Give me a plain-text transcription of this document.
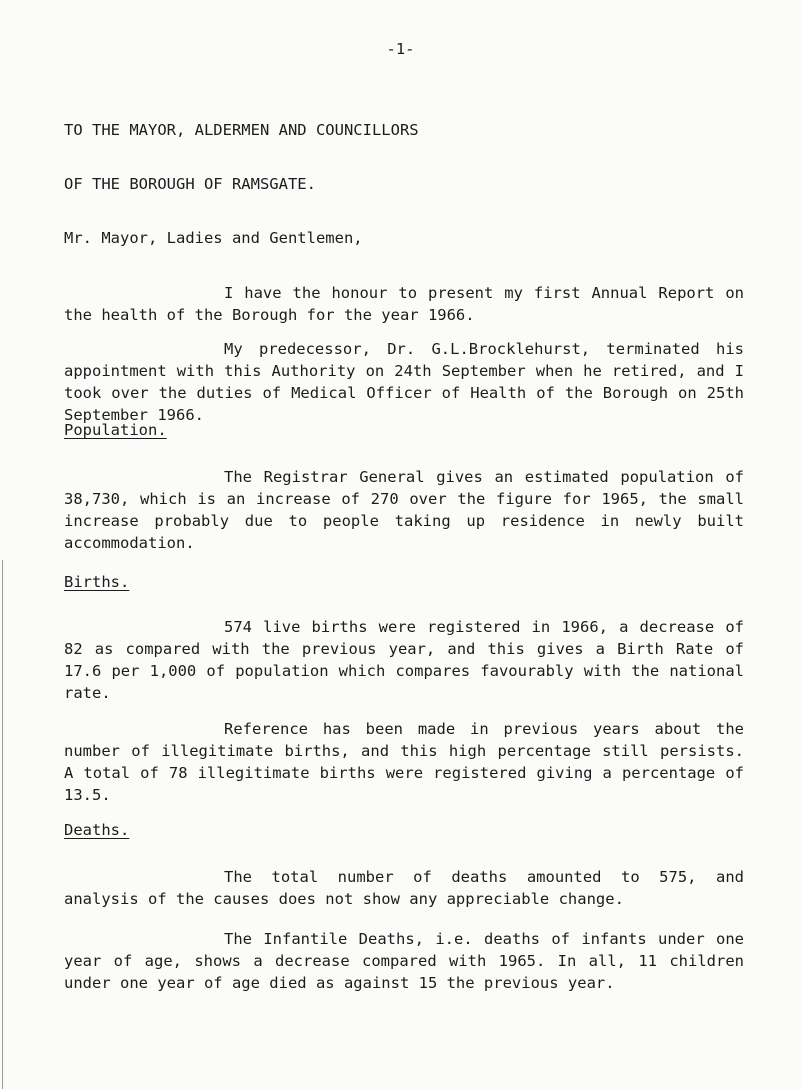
-1-

TO THE MAYOR, ALDERMEN AND COUNCILLORS

OF THE BOROUGH OF RAMSGATE.

Mr. Mayor, Ladies and Gentlemen,

I have the honour to present my first Annual Report on the health of the Borough for the year 1966.

My predecessor, Dr. G.L.Brocklehurst, terminated his appointment with this Authority on 24th September when he retired, and I took over the duties of Medical Officer of Health of the Borough on 25th September 1966.

Population.

The Registrar General gives an estimated population of 38,730, which is an increase of 270 over the figure for 1965, the small increase probably due to people taking up residence in newly built accommodation.

Births.

574 live births were registered in 1966, a decrease of 82 as compared with the previous year, and this gives a Birth Rate of 17.6 per 1,000 of population which compares favourably with the national rate.

Reference has been made in previous years about the number of illegitimate births, and this high percentage still persists. A total of 78 illegitimate births were registered giving a percentage of 13.5.

Deaths.

The total number of deaths amounted to 575, and analysis of the causes does not show any appreciable change.

The Infantile Deaths, i.e. deaths of infants under one year of age, shows a decrease compared with 1965. In all, 11 children under one year of age died as against 15 the previous year.
